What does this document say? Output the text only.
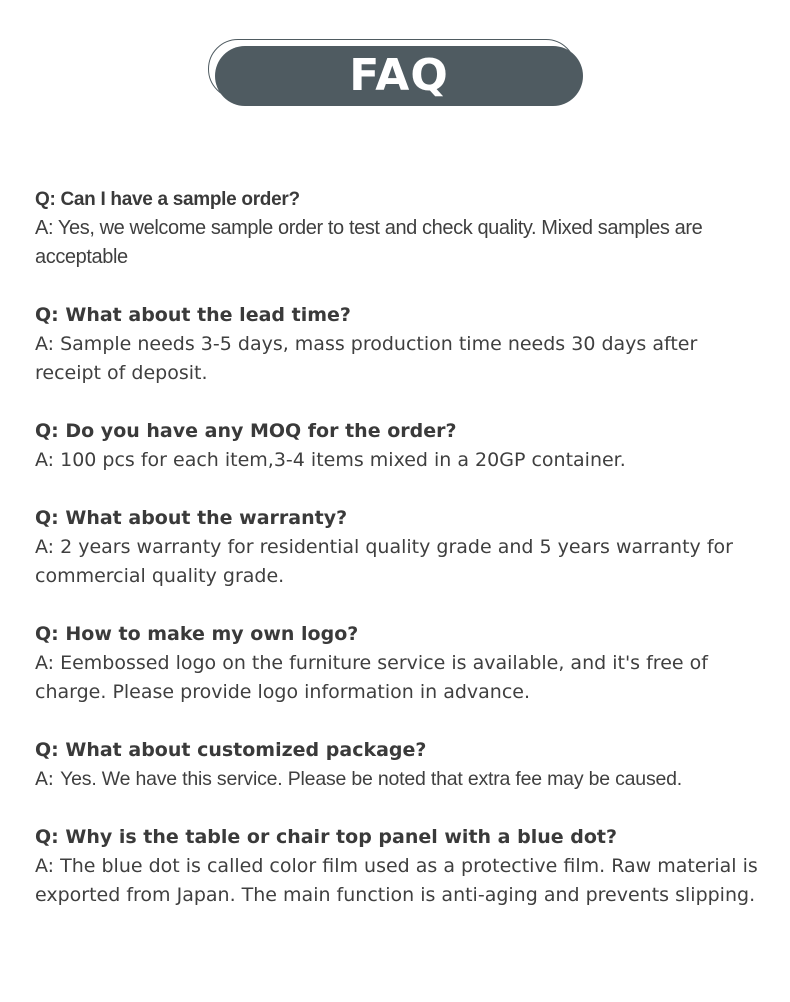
FAQ
Q: Can I have a sample order?
A: Yes, we welcome sample order to test and check quality. Mixed samples are acceptable
Q: What about the lead time?
A: Sample needs 3-5 days, mass production time needs 30 days after receipt of deposit.
Q: Do you have any MOQ for the order?
A: 100 pcs for each item,3-4 items mixed in a 20GP container.
Q: What about the warranty?
A: 2 years warranty for residential quality grade and 5 years warranty for commercial quality grade.
Q: How to make my own logo?
A: Eembossed logo on the furniture service is available, and it's free of charge. Please provide logo information in advance.
Q: What about customized package?
A: Yes. We have this service. Please be noted that extra fee may be caused.
Q: Why is the table or chair top panel with a blue dot?
A: The blue dot is called color film used as a protective film. Raw material is exported from Japan. The main function is anti-aging and prevents slipping.
